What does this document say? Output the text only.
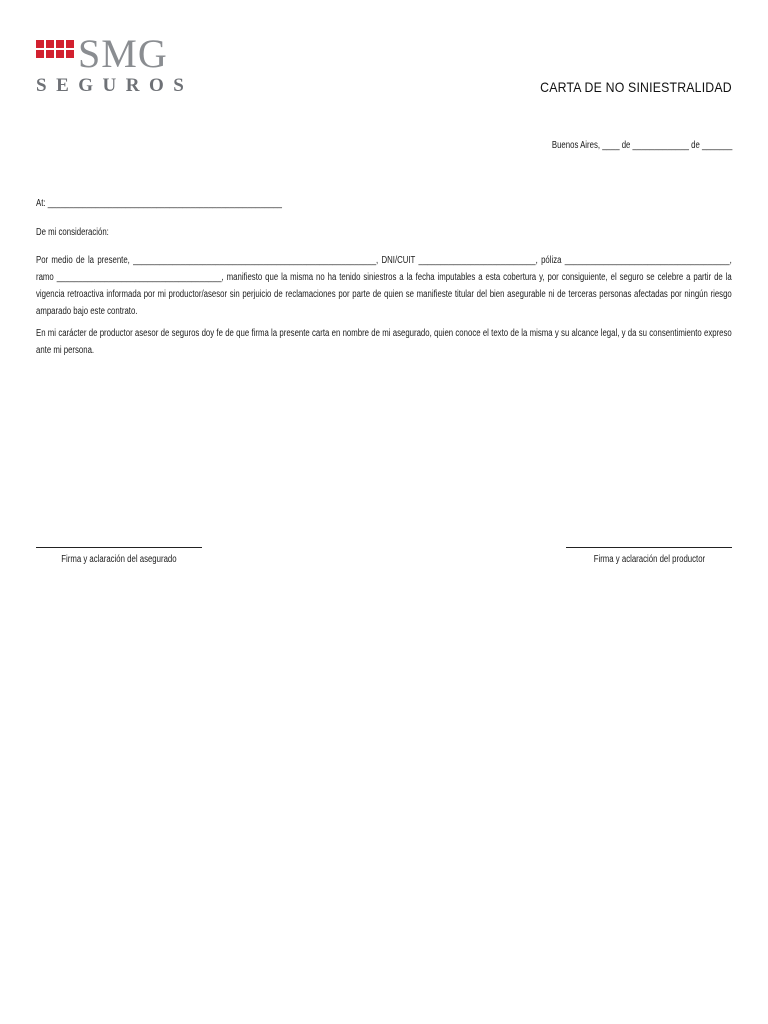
SMG
SEGUROS	CARTA DE NO SINIESTRALIDAD
Buenos Aires, ____ de _____________ de _______
At: ______________________________________________________
De mi consideración:
Por medio de la presente, ________________________________________________________, DNI/CUIT ___________________________, póliza ______________________________________, ramo ______________________________________, manifiesto que la misma no ha tenido siniestros a la fecha imputables a esta cobertura y, por consiguiente, el seguro se celebre a partir de la vigencia retroactiva informada por mi productor/asesor sin perjuicio de reclamaciones por parte de quien se manifieste titular del bien asegurable ni de terceras personas afectadas por ningún riesgo amparado bajo este contrato.
En mi carácter de productor asesor de seguros doy fe de que firma la presente carta en nombre de mi asegurado, quien conoce el texto de la misma y su alcance legal, y da su consentimiento expreso ante mi persona.
Firma y aclaración del asegurado	Firma y aclaración del productor
